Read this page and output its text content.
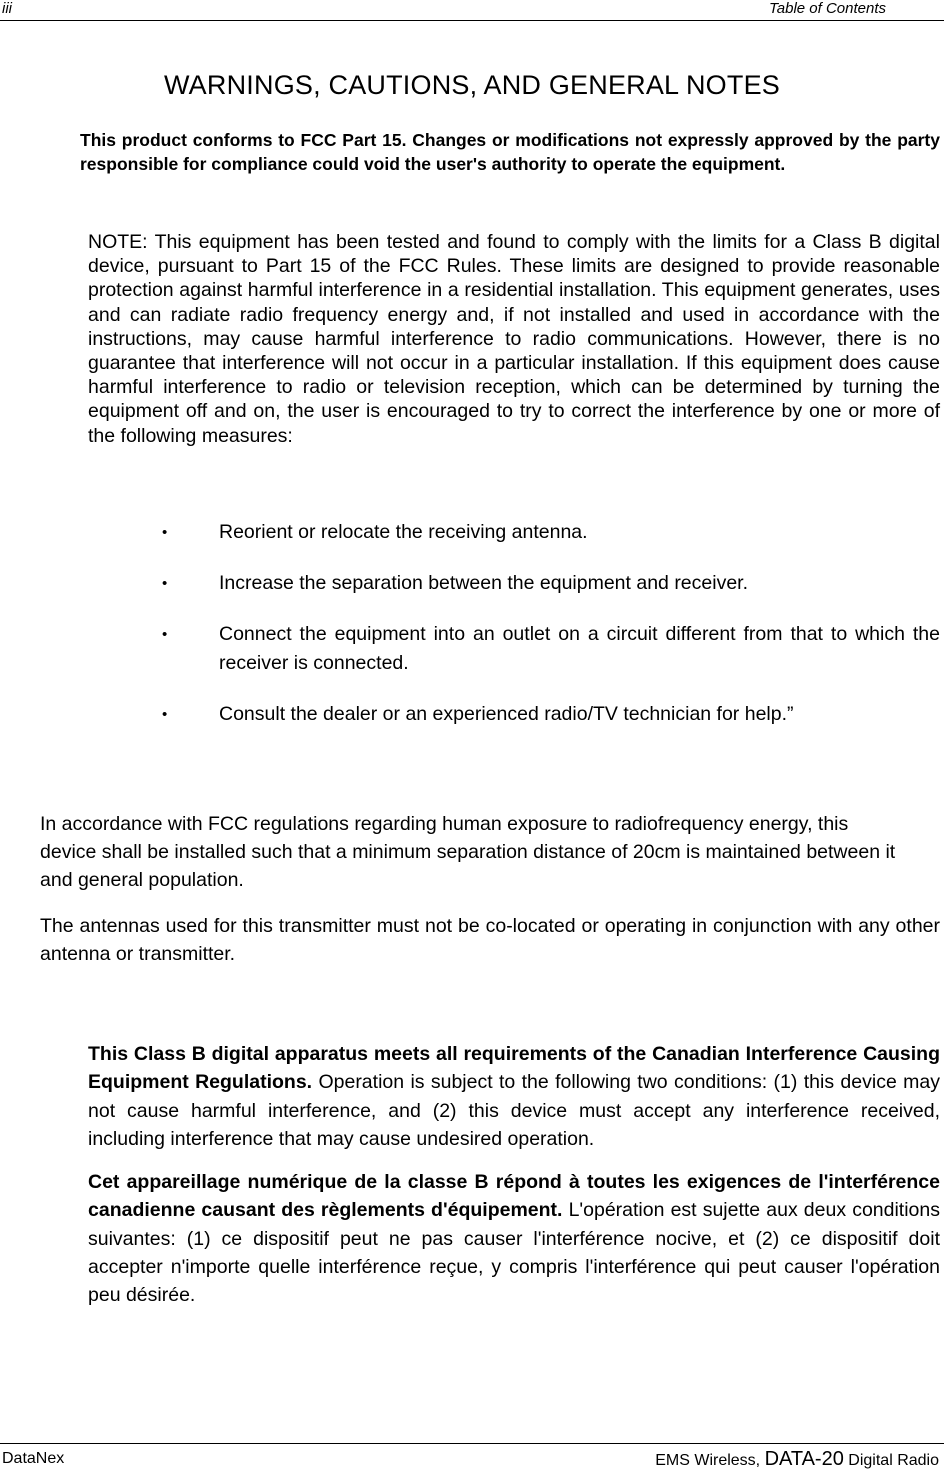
iii	Table of Contents
WARNINGS, CAUTIONS, AND GENERAL NOTES
This product conforms to FCC Part 15. Changes or modifications not expressly approved by the party responsible for compliance could void the user's authority to operate the equipment.
NOTE: This equipment has been tested and found to comply with the limits for a Class B digital device, pursuant to Part 15 of the FCC Rules. These limits are designed to provide reasonable protection against harmful interference in a residential installation. This equipment generates, uses and can radiate radio frequency energy and, if not installed and used in accordance with the instructions, may cause harmful interference to radio communications. However, there is no guarantee that interference will not occur in a particular installation. If this equipment does cause harmful interference to radio or television reception, which can be determined by turning the equipment off and on, the user is encouraged to try to correct the interference by one or more of the following measures:
•	Reorient or relocate the receiving antenna.
•	Increase the separation between the equipment and receiver.
•	Connect the equipment into an outlet on a circuit different from that to which the receiver is connected.
•	Consult the dealer or an experienced radio/TV technician for help.”
In accordance with FCC regulations regarding human exposure to radiofrequency energy, this device shall be installed such that a minimum separation distance of 20cm is maintained between it and general population.
The antennas used for this transmitter must not be co-located or operating in conjunction with any other antenna or transmitter.
This Class B digital apparatus meets all requirements of the Canadian Interference Causing Equipment Regulations. Operation is subject to the following two conditions: (1) this device may not cause harmful interference, and (2) this device must accept any interference received, including interference that may cause undesired operation.
Cet appareillage numérique de la classe B répond à toutes les exigences de l'interférence canadienne causant des règlements d'équipement. L'opération est sujette aux deux conditions suivantes: (1) ce dispositif peut ne pas causer l'interférence nocive, et (2) ce dispositif doit accepter n'importe quelle interférence reçue, y compris l'interférence qui peut causer l'opération peu désirée.
DataNex	EMS Wireless, DATA-20 Digital Radio
